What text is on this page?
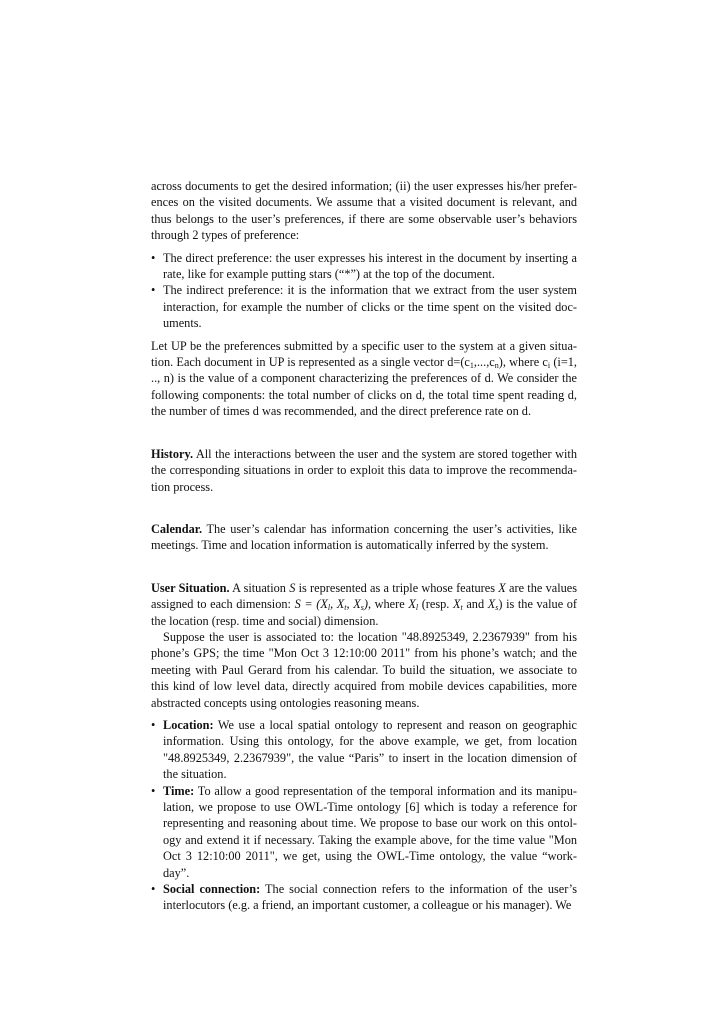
across documents to get the desired information; (ii) the user expresses his/her prefer-ences on the visited documents. We assume that a visited document is relevant, and thus belongs to the user’s preferences, if there are some observable user’s behaviors through 2 types of preference:

• The direct preference: the user expresses his interest in the document by inserting a rate, like for example putting stars (“*”) at the top of the document.
• The indirect preference: it is the information that we extract from the user system interaction, for example the number of clicks or the time spent on the visited doc-uments.

Let UP be the preferences submitted by a specific user to the system at a given situa-tion. Each document in UP is represented as a single vector $d=(c_1,...,c_n)$, where $c_i$ (i=1, .., n) is the value of a component characterizing the preferences of d. We consider the following components: the total number of clicks on d, the total time spent reading d, the number of times d was recommended, and the direct preference rate on d.

History. All the interactions between the user and the system are stored together with the corresponding situations in order to exploit this data to improve the recommenda-tion process.

Calendar. The user’s calendar has information concerning the user’s activities, like meetings. Time and location information is automatically inferred by the system.

User Situation. A situation S is represented as a triple whose features X are the values assigned to each dimension: $S = (X_l$, $X_t$, $X_s$), where $X_l$ (resp. $X_t$ and $X_s$) is the value of the location (resp. time and social) dimension.

Suppose the user is associated to: the location "48.8925349, 2.2367939" from his phone’s GPS; the time "Mon Oct 3 12:10:00 2011" from his phone’s watch; and the meeting with Paul Gerard from his calendar. To build the situation, we associate to this kind of low level data, directly acquired from mobile devices capabilities, more abstracted concepts using ontologies reasoning means.

• Location: We use a local spatial ontology to represent and reason on geographic information. Using this ontology, for the above example, we get, from location "48.8925349, 2.2367939", the value “Paris” to insert in the location dimension of the situation.
• Time: To allow a good representation of the temporal information and its manipu-lation, we propose to use OWL-Time ontology [6] which is today a reference for representing and reasoning about time. We propose to base our work on this ontol-ogy and extend it if necessary. Taking the example above, for the time value "Mon Oct 3 12:10:00 2011", we get, using the OWL-Time ontology, the value “work-day”.
• Social connection: The social connection refers to the information of the user’s interlocutors (e.g. a friend, an important customer, a colleague or his manager). We
